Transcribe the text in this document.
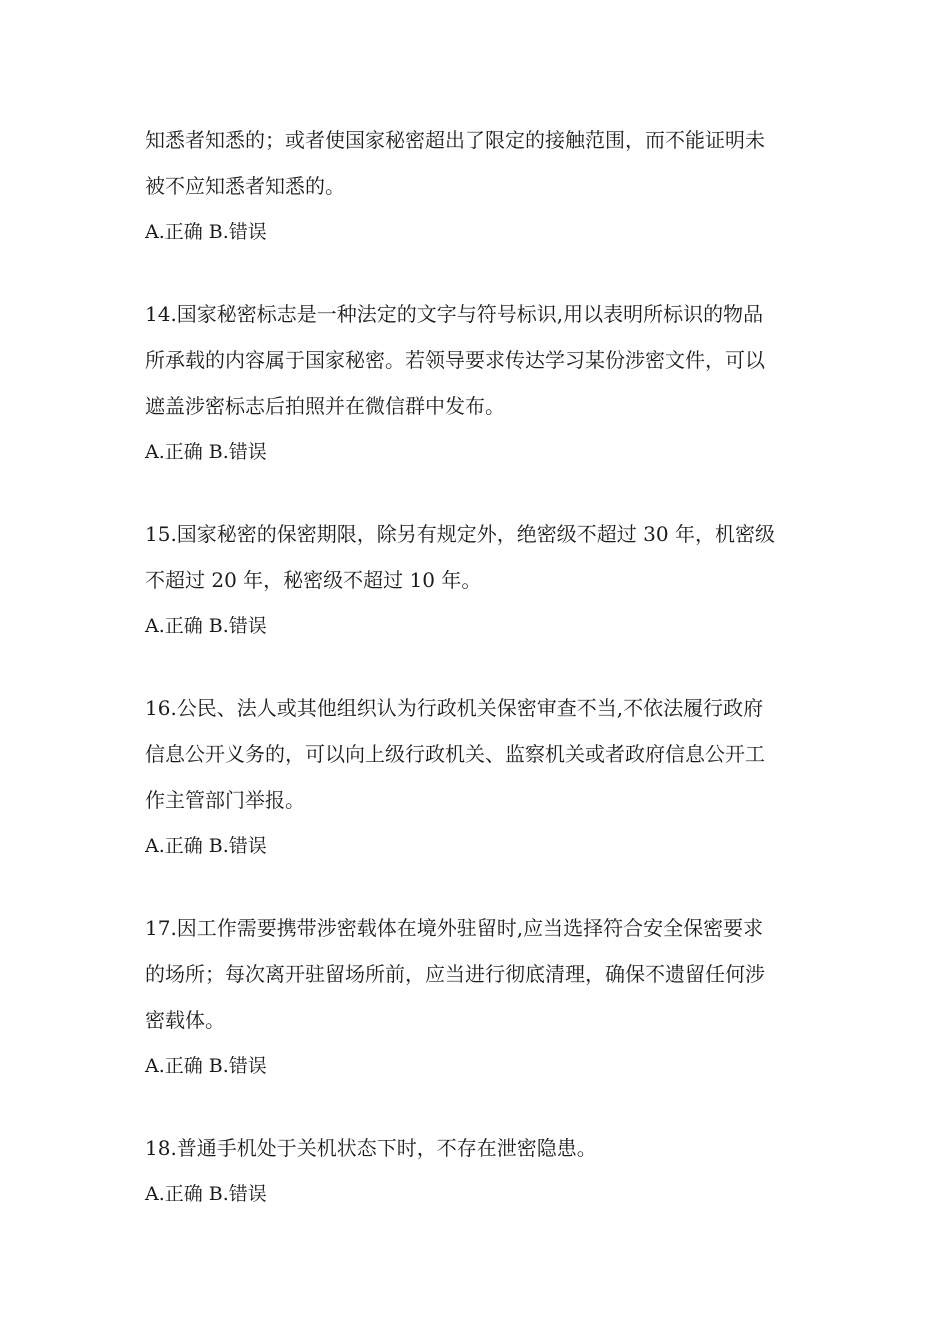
知悉者知悉的；或者使国家秘密超出了限定的接触范围，而不能证明未
被不应知悉者知悉的。
A.正确 B.错误
14.国家秘密标志是一种法定的文字与符号标识,用以表明所标识的物品
所承载的内容属于国家秘密。若领导要求传达学习某份涉密文件，可以
遮盖涉密标志后拍照并在微信群中发布。
A.正确 B.错误
15.国家秘密的保密期限，除另有规定外，绝密级不超过 30 年，机密级
不超过 20 年，秘密级不超过 10 年。
A.正确 B.错误
16.公民、法人或其他组织认为行政机关保密审查不当,不依法履行政府
信息公开义务的，可以向上级行政机关、监察机关或者政府信息公开工
作主管部门举报。
A.正确 B.错误
17.因工作需要携带涉密载体在境外驻留时,应当选择符合安全保密要求
的场所；每次离开驻留场所前，应当进行彻底清理，确保不遗留任何涉
密载体。
A.正确 B.错误
18.普通手机处于关机状态下时，不存在泄密隐患。
A.正确 B.错误
